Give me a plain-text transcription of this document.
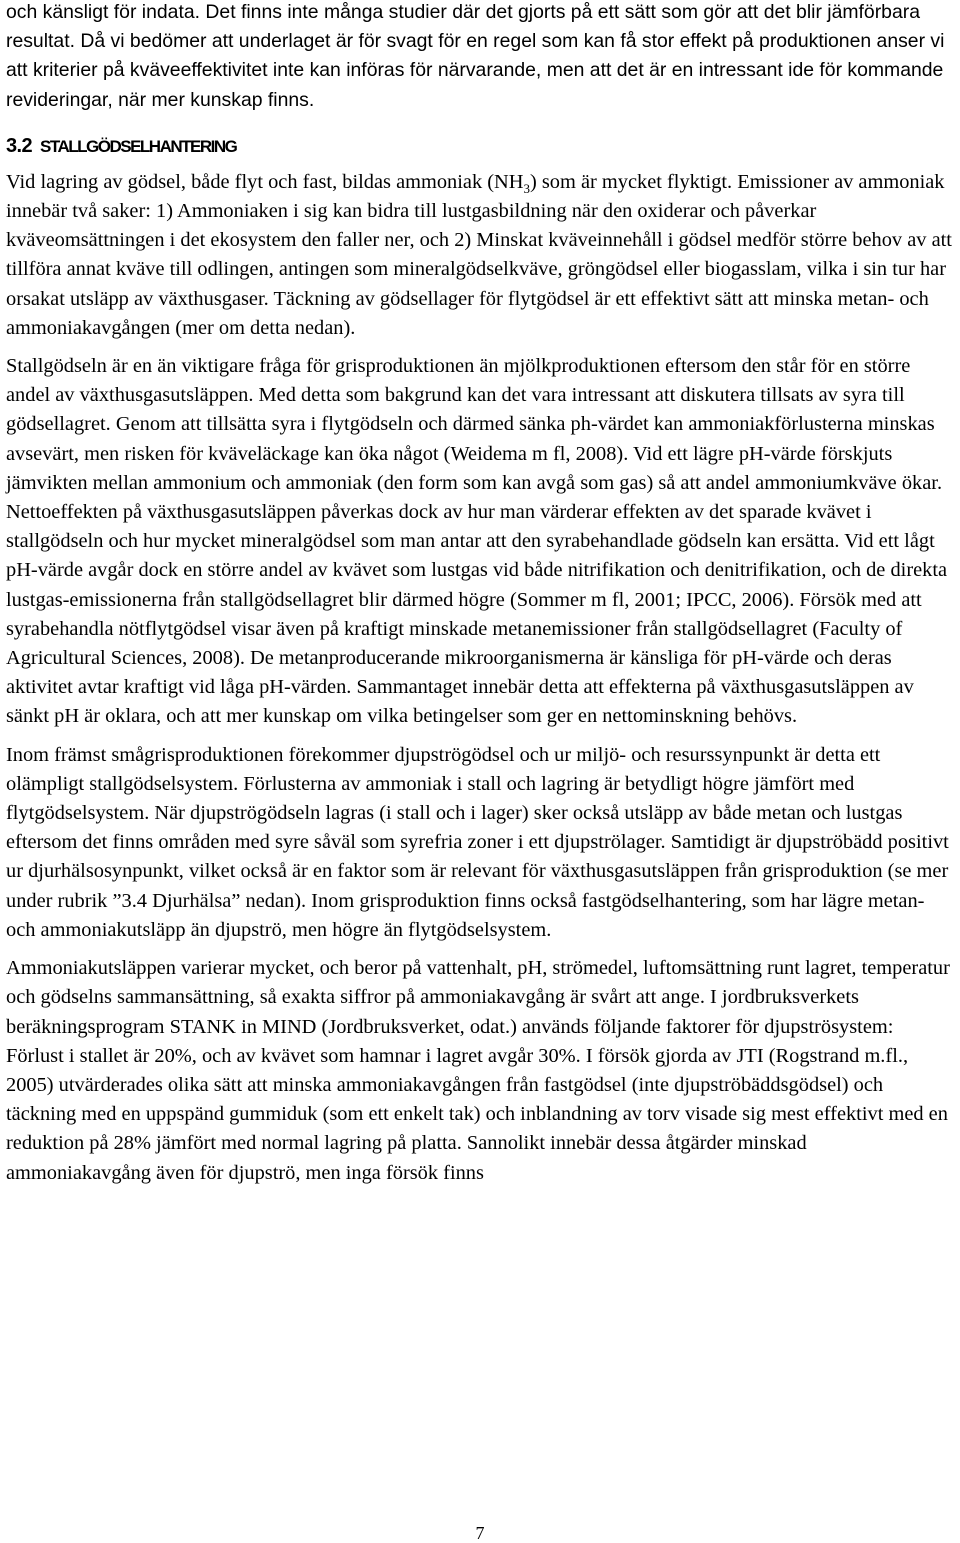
och känsligt för indata. Det finns inte många studier där det gjorts på ett sätt som gör att det blir jämförbara resultat. Då vi bedömer att underlaget är för svagt för en regel som kan få stor effekt på produktionen anser vi att kriterier på kväveeffektivitet inte kan införas för närvarande, men att det är en intressant ide för kommande revideringar, när mer kunskap finns.

3.2 STALLGÖDSELHANTERING

Vid lagring av gödsel, både flyt och fast, bildas ammoniak $(NH_3)$ som är mycket flyktigt. Emissioner av ammoniak innebär två saker: 1) Ammoniaken i sig kan bidra till lustgasbildning när den oxiderar och påverkar kväveomsättningen i det ekosystem den faller ner, och 2) Minskat kväveinnehåll i gödsel medför större behov av att tillföra annat kväve till odlingen, antingen som mineralgödselkväve, gröngödsel eller biogasslam, vilka i sin tur har orsakat utsläpp av växthusgaser. Täckning av gödsellager för flytgödsel är ett effektivt sätt att minska metan- och ammoniakavgången (mer om detta nedan).

Stallgödseln är en än viktigare fråga för grisproduktionen än mjölkproduktionen eftersom den står för en större andel av växthusgasutsläppen. Med detta som bakgrund kan det vara intressant att diskutera tillsats av syra till gödsellagret. Genom att tillsätta syra i flytgödseln och därmed sänka ph-värdet kan ammoniakförlusterna minskas avsevärt, men risken för kväveläckage kan öka något (Weidema m fl, 2008). Vid ett lägre pH-värde förskjuts jämvikten mellan ammonium och ammoniak (den form som kan avgå som gas) så att andel ammoniumkväve ökar. Nettoeffekten på växthusgasutsläppen påverkas dock av hur man värderar effekten av det sparade kvävet i stallgödseln och hur mycket mineralgödsel som man antar att den syrabehandlade gödseln kan ersätta. Vid ett lågt pH-värde avgår dock en större andel av kvävet som lustgas vid både nitrifikation och denitrifikation, och de direkta lustgas-emissionerna från stallgödsellagret blir därmed högre (Sommer m fl, 2001; IPCC, 2006). Försök med att syrabehandla nötflytgödsel visar även på kraftigt minskade metanemissioner från stallgödsellagret (Faculty of Agricultural Sciences, 2008). De metanproducerande mikroorganismerna är känsliga för pH-värde och deras aktivitet avtar kraftigt vid låga pH-värden. Sammantaget innebär detta att effekterna på växthusgasutsläppen av sänkt pH är oklara, och att mer kunskap om vilka betingelser som ger en nettominskning behövs.

Inom främst smågrisproduktionen förekommer djupströgödsel och ur miljö- och resurssynpunkt är detta ett olämpligt stallgödselsystem. Förlusterna av ammoniak i stall och lagring är betydligt högre jämfört med flytgödselsystem. När djupströgödseln lagras (i stall och i lager) sker också utsläpp av både metan och lustgas eftersom det finns områden med syre såväl som syrefria zoner i ett djupströlager. Samtidigt är djupströbädd positivt ur djurhälsosynpunkt, vilket också är en faktor som är relevant för växthusgasutsläppen från grisproduktion (se mer under rubrik ”3.4 Djurhälsa” nedan). Inom grisproduktion finns också fastgödselhantering, som har lägre metan- och ammoniakutsläpp än djupströ, men högre än flytgödselsystem.

Ammoniakutsläppen varierar mycket, och beror på vattenhalt, pH, strömedel, luftomsättning runt lagret, temperatur och gödselns sammansättning, så exakta siffror på ammoniakavgång är svårt att ange. I jordbruksverkets beräkningsprogram STANK in MIND (Jordbruksverket, odat.) används följande faktorer för djupströsystem: Förlust i stallet är 20%, och av kvävet som hamnar i lagret avgår 30%. I försök gjorda av JTI (Rogstrand m.fl., 2005) utvärderades olika sätt att minska ammoniakavgången från fastgödsel (inte djupströbäddsgödsel) och täckning med en uppspänd gummiduk (som ett enkelt tak) och inblandning av torv visade sig mest effektivt med en reduktion på 28% jämfört med normal lagring på platta. Sannolikt innebär dessa åtgärder minskad ammoniakavgång även för djupströ, men inga försök finns

7
